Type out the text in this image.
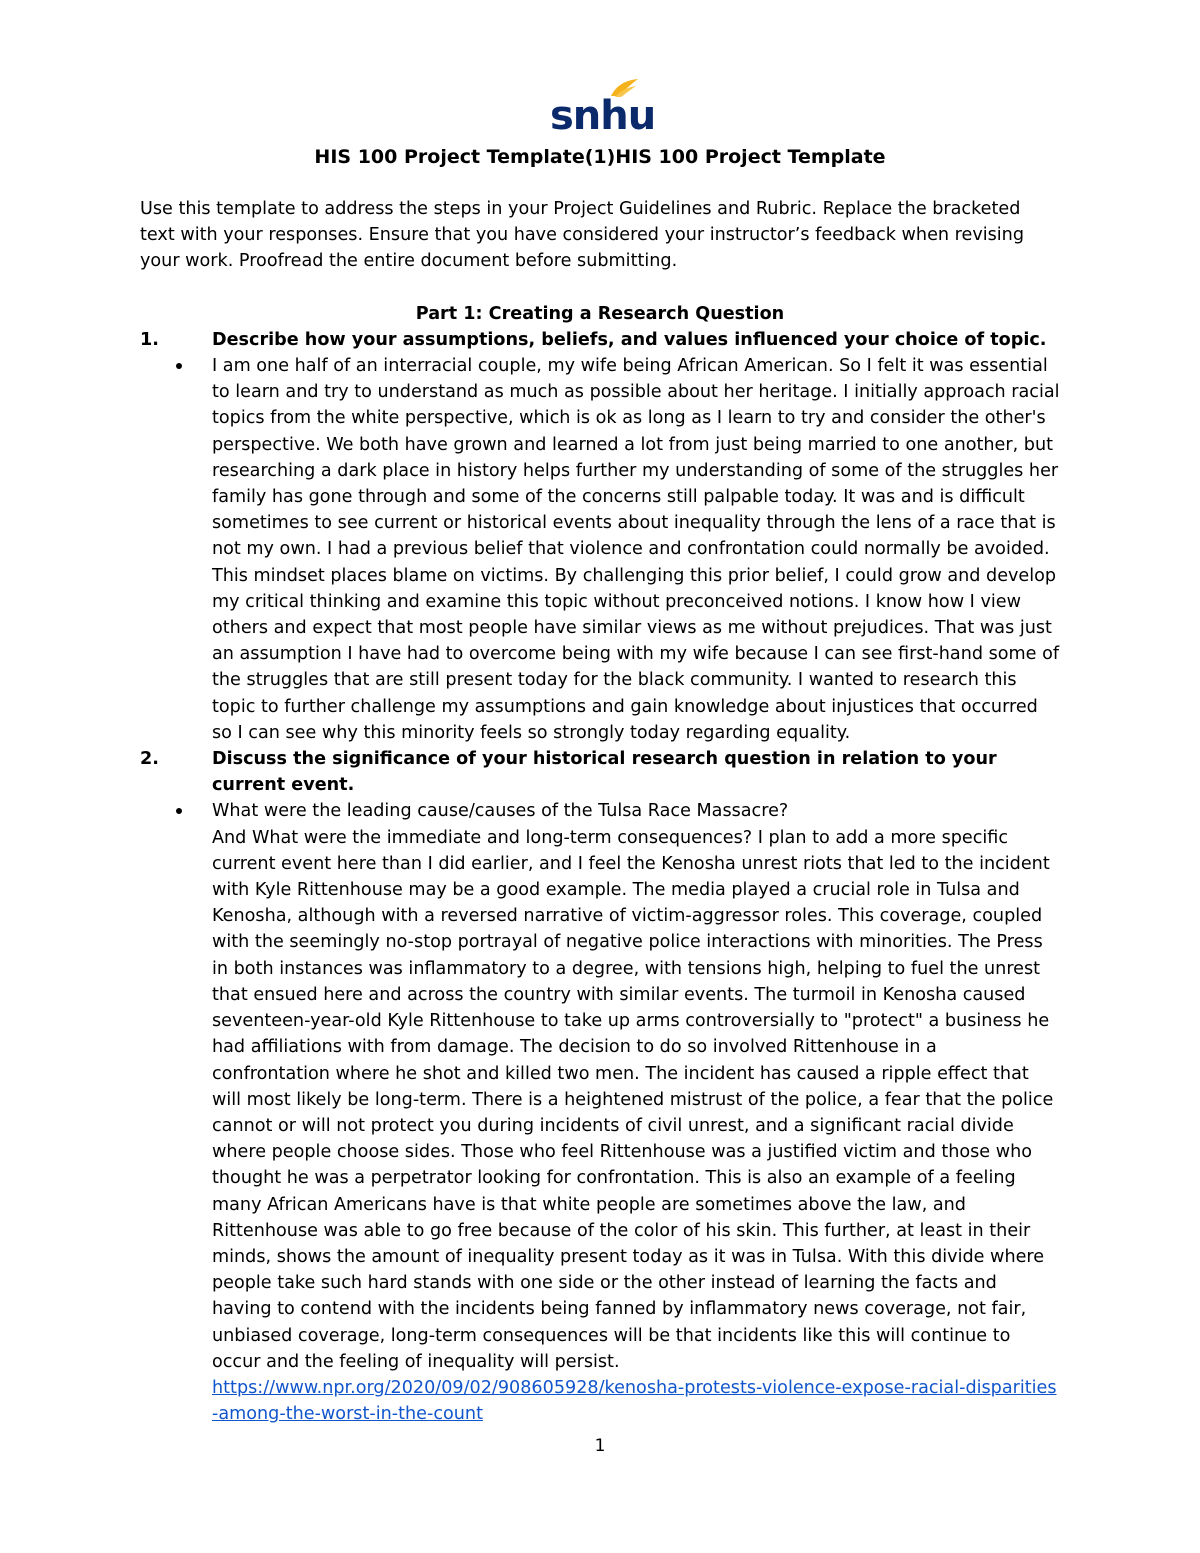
snhu
HIS 100 Project Template(1)HIS 100 Project Template

Use this template to address the steps in your Project Guidelines and Rubric. Replace the bracketed text with your responses. Ensure that you have considered your instructor’s feedback when revising your work. Proofread the entire document before submitting.

Part 1: Creating a Research Question
1.	Describe how your assumptions, beliefs, and values influenced your choice of topic.

I am one half of an interracial couple, my wife being African American. So I felt it was essential to learn and try to understand as much as possible about her heritage. I initially approach racial topics from the white perspective, which is ok as long as I learn to try and consider the other's perspective. We both have grown and learned a lot from just being married to one another, but researching a dark place in history helps further my understanding of some of the struggles her family has gone through and some of the concerns still palpable today. It was and is difficult sometimes to see current or historical events about inequality through the lens of a race that is not my own. I had a previous belief that violence and confrontation could normally be avoided. This mindset places blame on victims. By challenging this prior belief, I could grow and develop my critical thinking and examine this topic without preconceived notions. I know how I view others and expect that most people have similar views as me without prejudices. That was just an assumption I have had to overcome being with my wife because I can see first-hand some of the struggles that are still present today for the black community. I wanted to research this topic to further challenge my assumptions and gain knowledge about injustices that occurred so I can see why this minority feels so strongly today regarding equality.

2.	Discuss the significance of your historical research question in relation to your current event.

What were the leading cause/causes of the Tulsa Race Massacre?

And What were the immediate and long-term consequences? I plan to add a more specific current event here than I did earlier, and I feel the Kenosha unrest riots that led to the incident with Kyle Rittenhouse may be a good example. The media played a crucial role in Tulsa and Kenosha, although with a reversed narrative of victim-aggressor roles. This coverage, coupled with the seemingly no-stop portrayal of negative police interactions with minorities. The Press in both instances was inflammatory to a degree, with tensions high, helping to fuel the unrest that ensued here and across the country with similar events. The turmoil in Kenosha caused seventeen-year-old Kyle Rittenhouse to take up arms controversially to "protect" a business he had affiliations with from damage. The decision to do so involved Rittenhouse in a confrontation where he shot and killed two men. The incident has caused a ripple effect that will most likely be long-term. There is a heightened mistrust of the police, a fear that the police cannot or will not protect you during incidents of civil unrest, and a significant racial divide where people choose sides. Those who feel Rittenhouse was a justified victim and those who thought he was a perpetrator looking for confrontation. This is also an example of a feeling many African Americans have is that white people are sometimes above the law, and Rittenhouse was able to go free because of the color of his skin. This further, at least in their minds, shows the amount of inequality present today as it was in Tulsa. With this divide where people take such hard stands with one side or the other instead of learning the facts and having to contend with the incidents being fanned by inflammatory news coverage, not fair, unbiased coverage, long-term consequences will be that incidents like this will continue to occur and the feeling of inequality will persist.

https://www.npr.org/2020/09/02/908605928/kenosha-protests-violence-expose-racial-disparities-among-the-worst-in-the-count

1
